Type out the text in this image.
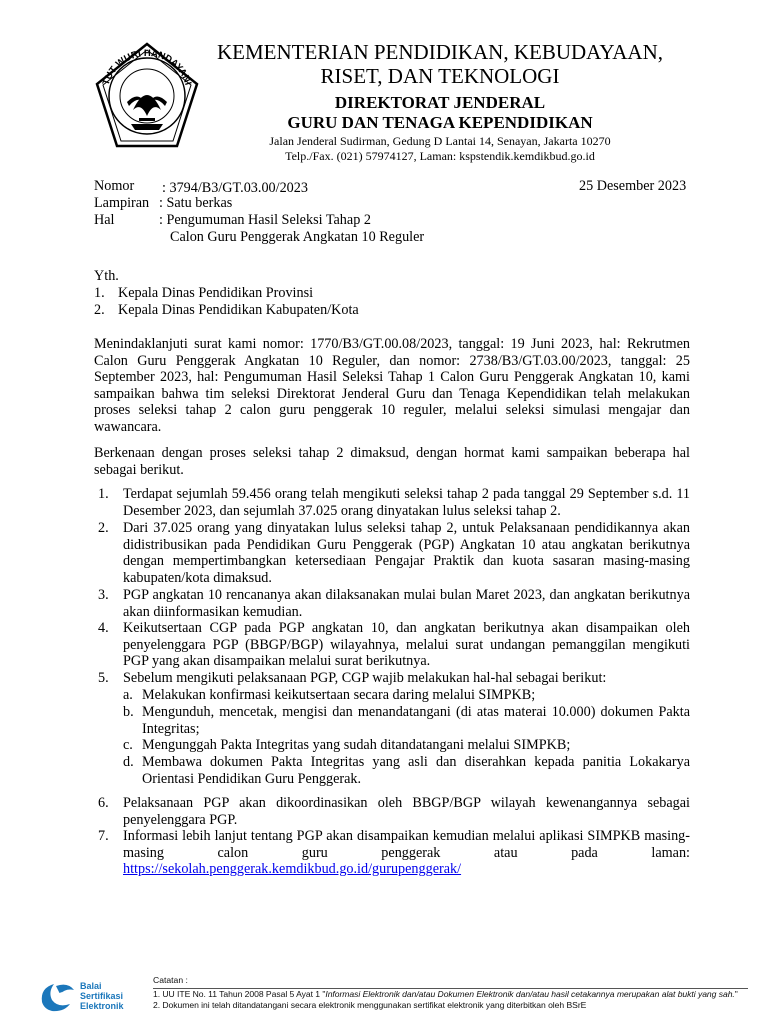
TUT WURI HANDAYANI
KEMENTERIAN PENDIDIKAN, KEBUDAYAAN,
RISET, DAN TEKNOLOGI
DIREKTORAT JENDERAL
GURU DAN TENAGA KEPENDIDIKAN
Jalan Jenderal Sudirman, Gedung D Lantai 14, Senayan, Jakarta 10270
Telp./Fax. (021) 57974127, Laman: kspstendik.kemdikbud.go.id
Nomor : 3794/B3/GT.03.00/2023	25 Desember 2023
Lampiran : Satu berkas
Hal	: Pengumuman Hasil Seleksi Tahap 2
Calon Guru Penggerak Angkatan 10 Reguler
Yth.
1. Kepala Dinas Pendidikan Provinsi
2. Kepala Dinas Pendidikan Kabupaten/Kota
Menindaklanjuti surat kami nomor: 1770/B3/GT.00.08/2023, tanggal: 19 Juni 2023, hal: Rekrutmen Calon Guru Penggerak Angkatan 10 Reguler, dan nomor: 2738/B3/GT.03.00/2023, tanggal: 25 September 2023, hal: Pengumuman Hasil Seleksi Tahap 1 Calon Guru Penggerak Angkatan 10, kami sampaikan bahwa tim seleksi Direktorat Jenderal Guru dan Tenaga Kependidikan telah melakukan proses seleksi tahap 2 calon guru penggerak 10 reguler, melalui seleksi simulasi mengajar dan wawancara.
Berkenaan dengan proses seleksi tahap 2 dimaksud, dengan hormat kami sampaikan beberapa hal sebagai berikut.
1. Terdapat sejumlah 59.456 orang telah mengikuti seleksi tahap 2 pada tanggal 29 September s.d. 11 Desember 2023, dan sejumlah 37.025 orang dinyatakan lulus seleksi tahap 2.
2. Dari 37.025 orang yang dinyatakan lulus seleksi tahap 2, untuk Pelaksanaan pendidikannya akan didistribusikan pada Pendidikan Guru Penggerak (PGP) Angkatan 10 atau angkatan berikutnya dengan mempertimbangkan ketersediaan Pengajar Praktik dan kuota sasaran masing-masing kabupaten/kota dimaksud.
3. PGP angkatan 10 rencananya akan dilaksanakan mulai bulan Maret 2023, dan angkatan berikutnya akan diinformasikan kemudian.
4. Keikutsertaan CGP pada PGP angkatan 10, dan angkatan berikutnya akan disampaikan oleh penyelenggara PGP (BBGP/BGP) wilayahnya, melalui surat undangan pemanggilan mengikuti PGP yang akan disampaikan melalui surat berikutnya.
5. Sebelum mengikuti pelaksanaan PGP, CGP wajib melakukan hal-hal sebagai berikut:
a. Melakukan konfirmasi keikutsertaan secara daring melalui SIMPKB;
b. Mengunduh, mencetak, mengisi dan menandatangani (di atas materai 10.000) dokumen Pakta Integritas;
c. Mengunggah Pakta Integritas yang sudah ditandatangani melalui SIMPKB;
d. Membawa dokumen Pakta Integritas yang asli dan diserahkan kepada panitia Lokakarya Orientasi Pendidikan Guru Penggerak.
6. Pelaksanaan PGP akan dikoordinasikan oleh BBGP/BGP wilayah kewenangannya sebagai penyelenggara PGP.
7. Informasi lebih lanjut tentang PGP akan disampaikan kemudian melalui aplikasi SIMPKB masing-masing calon guru penggerak atau pada laman:
https://sekolah.penggerak.kemdikbud.go.id/gurupenggerak/
Balai
Sertifikasi
Elektronik
Catatan :
1. UU ITE No. 11 Tahun 2008 Pasal 5 Ayat 1 "Informasi Elektronik dan/atau Dokumen Elektronik dan/atau hasil cetakannya merupakan alat bukti yang sah."
2. Dokumen ini telah ditandatangani secara elektronik menggunakan sertifikat elektronik yang diterbitkan oleh BSrE
